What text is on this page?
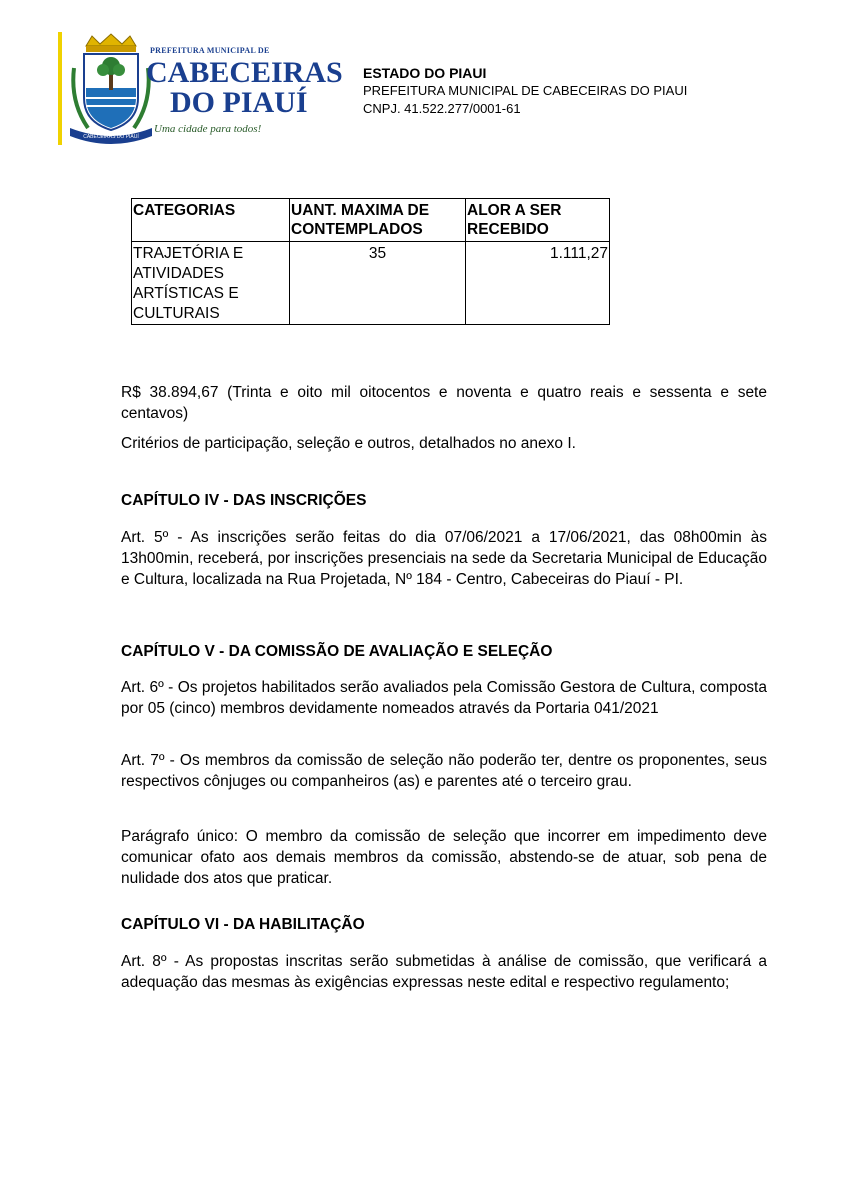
CABECEIRAS DO PIAUÍ
PREFEITURA MUNICIPAL DE
CABECEIRAS
DO PIAUÍ
Uma cidade para todos!
ESTADO DO PIAUI
PREFEITURA MUNICIPAL DE CABECEIRAS DO PIAUI
CNPJ. 41.522.277/0001-61
CATEGORIAS	UANT. MAXIMA DE CONTEMPLADOS	ALOR A SER RECEBIDO
TRAJETÓRIA E ATIVIDADES ARTÍSTICAS E CULTURAIS	35	1.111,27

R$ 38.894,67 (Trinta e oito mil oitocentos e noventa e quatro reais e sessenta e sete centavos)

Critérios de participação, seleção e outros, detalhados no anexo I.

CAPÍTULO IV - DAS INSCRIÇÕES

Art. 5º - As inscrições serão feitas do dia 07/06/2021 a 17/06/2021, das 08h00min às 13h00min, receberá, por inscrições presenciais na sede da Secretaria Municipal de Educação e Cultura, localizada na Rua Projetada, Nº 184 - Centro, Cabeceiras do Piauí - PI.

CAPÍTULO V - DA COMISSÃO DE AVALIAÇÃO E SELEÇÃO

Art. 6º - Os projetos habilitados serão avaliados pela Comissão Gestora de Cultura, composta por 05 (cinco) membros devidamente nomeados através da Portaria 041/2021

Art. 7º - Os membros da comissão de seleção não poderão ter, dentre os proponentes, seus respectivos cônjuges ou companheiros (as) e parentes até o terceiro grau.

Parágrafo único: O membro da comissão de seleção que incorrer em impedimento deve comunicar ofato aos demais membros da comissão, abstendo-se de atuar, sob pena de nulidade dos atos que praticar.

CAPÍTULO VI - DA HABILITAÇÃO

Art. 8º - As propostas inscritas serão submetidas à análise de comissão, que verificará a adequação das mesmas às exigências expressas neste edital e respectivo regulamento;
